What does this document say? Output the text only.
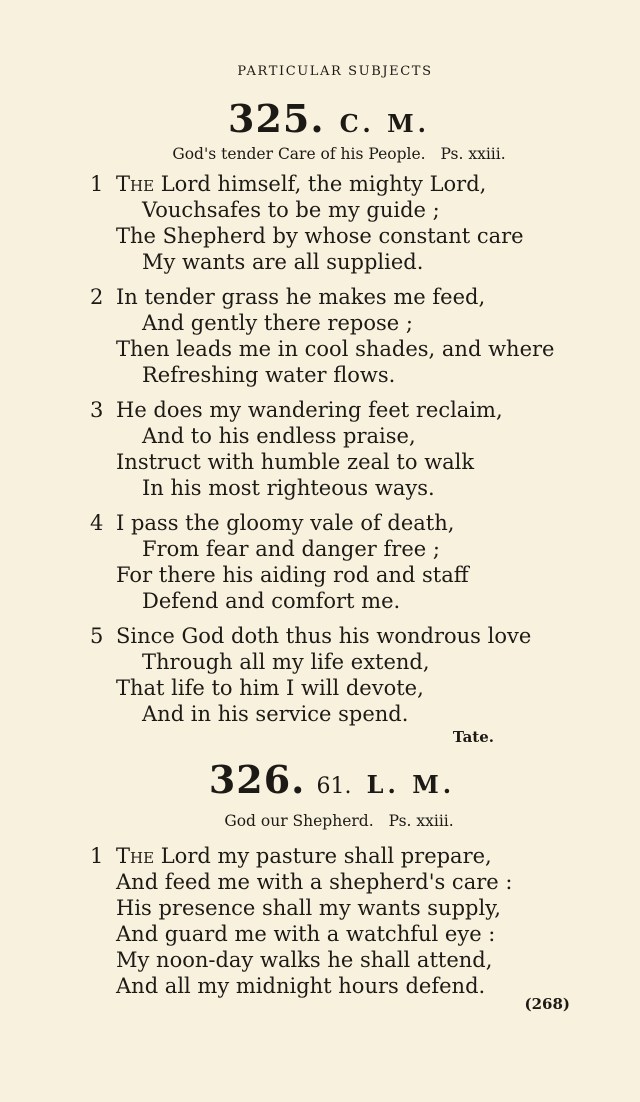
PARTICULAR SUBJECTS
325. C. M.
God's tender Care of his People. Ps. xxiii.
1 The Lord himself, the mighty Lord,
Vouchsafes to be my guide ;
The Shepherd by whose constant care
My wants are all supplied.
2 In tender grass he makes me feed,
And gently there repose ;
Then leads me in cool shades, and where
Refreshing water flows.
3 He does my wandering feet reclaim,
And to his endless praise,
Instruct with humble zeal to walk
In his most righteous ways.
4 I pass the gloomy vale of death,
From fear and danger free ;
For there his aiding rod and staff
Defend and comfort me.
5 Since God doth thus his wondrous love
Through all my life extend,
That life to him I will devote,
And in his service spend.
Tate.
326. 61. L. M.
God our Shepherd. Ps. xxiii.
1 The Lord my pasture shall prepare,
And feed me with a shepherd's care :
His presence shall my wants supply,
And guard me with a watchful eye :
My noon-day walks he shall attend,
And all my midnight hours defend.
(268)
